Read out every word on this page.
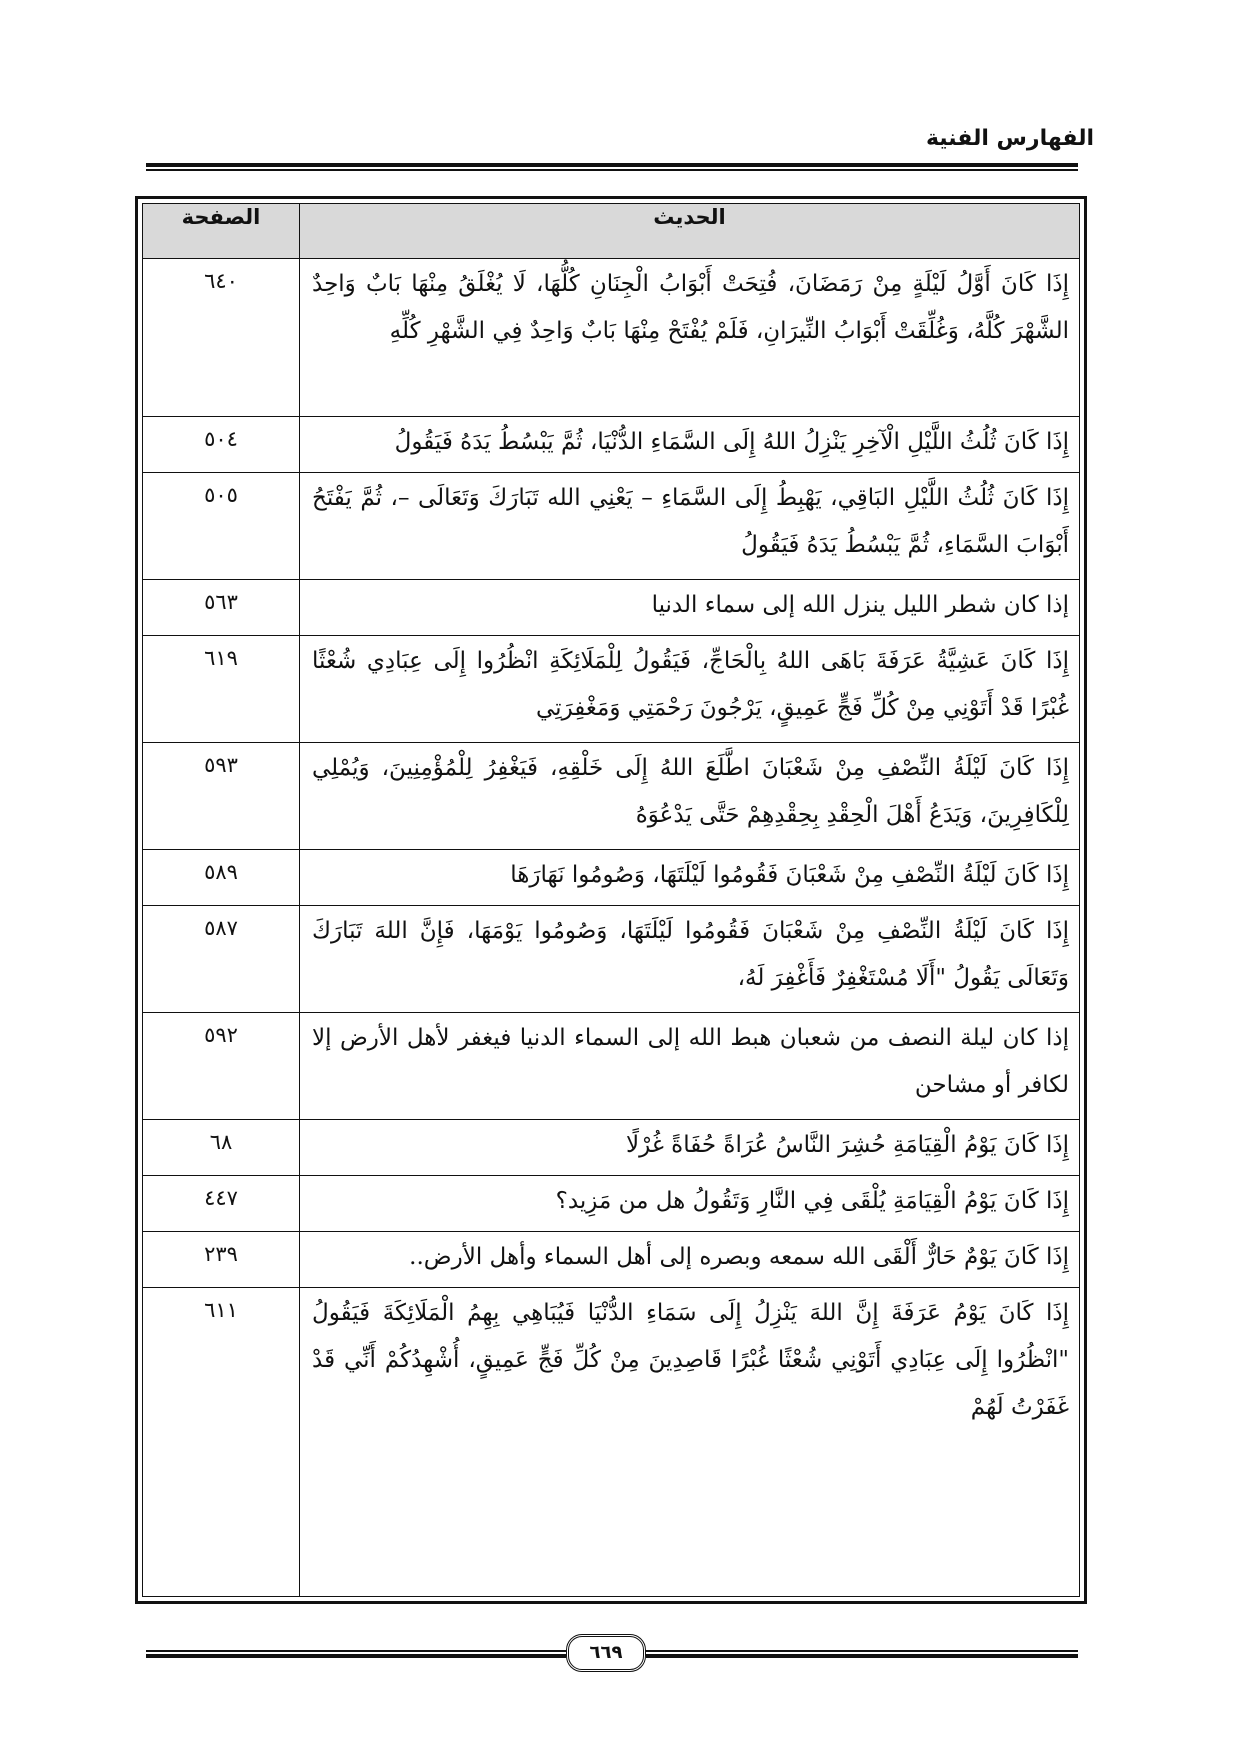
الفهارس الفنية
الحديث	الصفحة
إِذَا كَانَ أَوَّلُ لَيْلَةٍ مِنْ رَمَضَانَ، فُتِحَتْ أَبْوَابُ الْجِنَانِ كُلُّهَا، لَا يُغْلَقُ مِنْهَا بَابٌ وَاحِدٌ الشَّهْرَ كُلَّهُ، وَغُلِّقَتْ أَبْوَابُ النِّيرَانِ، فَلَمْ يُفْتَحْ مِنْهَا بَابٌ وَاحِدٌ فِي الشَّهْرِ كُلِّهِ	٦٤٠
إِذَا كَانَ ثُلُثُ اللَّيْلِ الْآخِرِ يَنْزِلُ اللهُ إِلَى السَّمَاءِ الدُّنْيَا، ثُمَّ يَبْسُطُ يَدَهُ فَيَقُولُ	٥٠٤
إِذَا كَانَ ثُلُثُ اللَّيْلِ البَاقِي، يَهْبِطُ إِلَى السَّمَاءِ – يَعْنِي الله تَبَارَكَ وَتَعَالَى –، ثُمَّ يَفْتَحُ أَبْوَابَ السَّمَاءِ، ثُمَّ يَبْسُطُ يَدَهُ فَيَقُولُ	٥٠٥
إذا كان شطر الليل ينزل الله إلى سماء الدنيا	٥٦٣
إِذَا كَانَ عَشِيَّةُ عَرَفَةَ بَاهَى اللهُ بِالْحَاجِّ، فَيَقُولُ لِلْمَلَائِكَةِ انْظُرُوا إِلَى عِبَادِي شُعْثًا غُبْرًا قَدْ أَتَوْنِي مِنْ كُلِّ فَجٍّ عَمِيقٍ، يَرْجُونَ رَحْمَتِي وَمَغْفِرَتِي	٦١٩
إِذَا كَانَ لَيْلَةُ النِّصْفِ مِنْ شَعْبَانَ اطَّلَعَ اللهُ إِلَى خَلْقِهِ، فَيَغْفِرُ لِلْمُؤْمِنِينَ، وَيُمْلِي لِلْكَافِرِينَ، وَيَدَعُ أَهْلَ الْحِقْدِ بِحِقْدِهِمْ حَتَّى يَدْعُوَهُ	٥٩٣
إِذَا كَانَ لَيْلَةُ النِّصْفِ مِنْ شَعْبَانَ فَقُومُوا لَيْلَتَهَا، وَصُومُوا نَهَارَهَا	٥٨٩
إِذَا كَانَ لَيْلَةُ النِّصْفِ مِنْ شَعْبَانَ فَقُومُوا لَيْلَتَهَا، وَصُومُوا يَوْمَهَا، فَإِنَّ اللهَ تَبَارَكَ وَتَعَالَى يَقُولُ "أَلَا مُسْتَغْفِرٌ فَأَغْفِرَ لَهُ،	٥٨٧
إذا كان ليلة النصف من شعبان هبط الله إلى السماء الدنيا فيغفر لأهل الأرض إلا لكافر أو مشاحن	٥٩٢
إِذَا كَانَ يَوْمُ الْقِيَامَةِ حُشِرَ النَّاسُ عُرَاةً حُفَاةً غُرْلًا	٦٨
إِذَا كَانَ يَوْمُ الْقِيَامَةِ يُلْقَى فِي النَّارِ وَتَقُولُ هل من مَزِيد؟	٤٤٧
إِذَا كَانَ يَوْمٌ حَارٌّ أَلْقَى الله سمعه وبصره إلى أهل السماء وأهل الأرض..	٢٣٩
إِذَا كَانَ يَوْمُ عَرَفَةَ إِنَّ اللهَ يَنْزِلُ إِلَى سَمَاءِ الدُّنْيَا فَيُبَاهِي بِهِمُ الْمَلَائِكَةَ فَيَقُولُ "انْظُرُوا إِلَى عِبَادِي أَتَوْنِي شُعْثًا غُبْرًا قَاصِدِينَ مِنْ كُلِّ فَجٍّ عَمِيقٍ، أُشْهِدُكُمْ أَنِّي قَدْ غَفَرْتُ لَهُمْ	٦١١
٦٦٩
